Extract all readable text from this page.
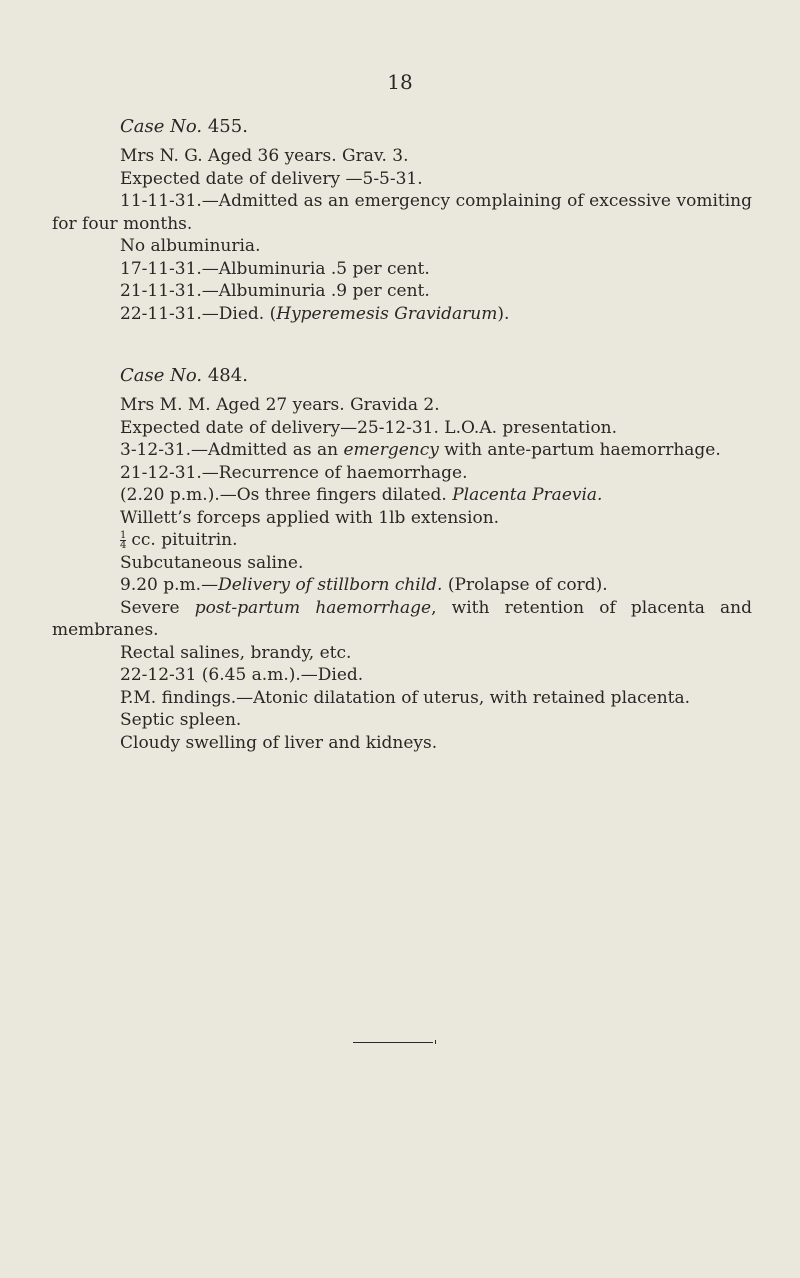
18

Case No. 455.

Mrs N. G. Aged 36 years. Grav. 3.

Expected date of delivery —5-5-31.

11-11-31.—Admitted as an emergency complaining of excessive vomiting for four months.

No albuminuria.

17-11-31.—Albuminuria .5 per cent.

21-11-31.—Albuminuria .9 per cent.

22-11-31.—Died. (Hyperemesis Gravidarum).

Case No. 484.

Mrs M. M. Aged 27 years. Gravida 2.

Expected date of delivery—25-12-31. L.O.A. presentation.

3-12-31.—Admitted as an emergency with ante-partum haemorrhage.

21-12-31.—Recurrence of haemorrhage.

(2.20 p.m.).—Os three fingers dilated. Placenta Praevia.

Willett’s forceps applied with 1lb extension.

$\frac{1}{4}$ cc. pituitrin.

Subcutaneous saline.

9.20 p.m.—Delivery of stillborn child. (Prolapse of cord).

Severe post-partum haemorrhage, with retention of placenta and membranes.

Rectal salines, brandy, etc.

22-12-31 (6.45 a.m.).—Died.

P.M. findings.—Atonic dilatation of uterus, with retained placenta.

Septic spleen.

Cloudy swelling of liver and kidneys.
